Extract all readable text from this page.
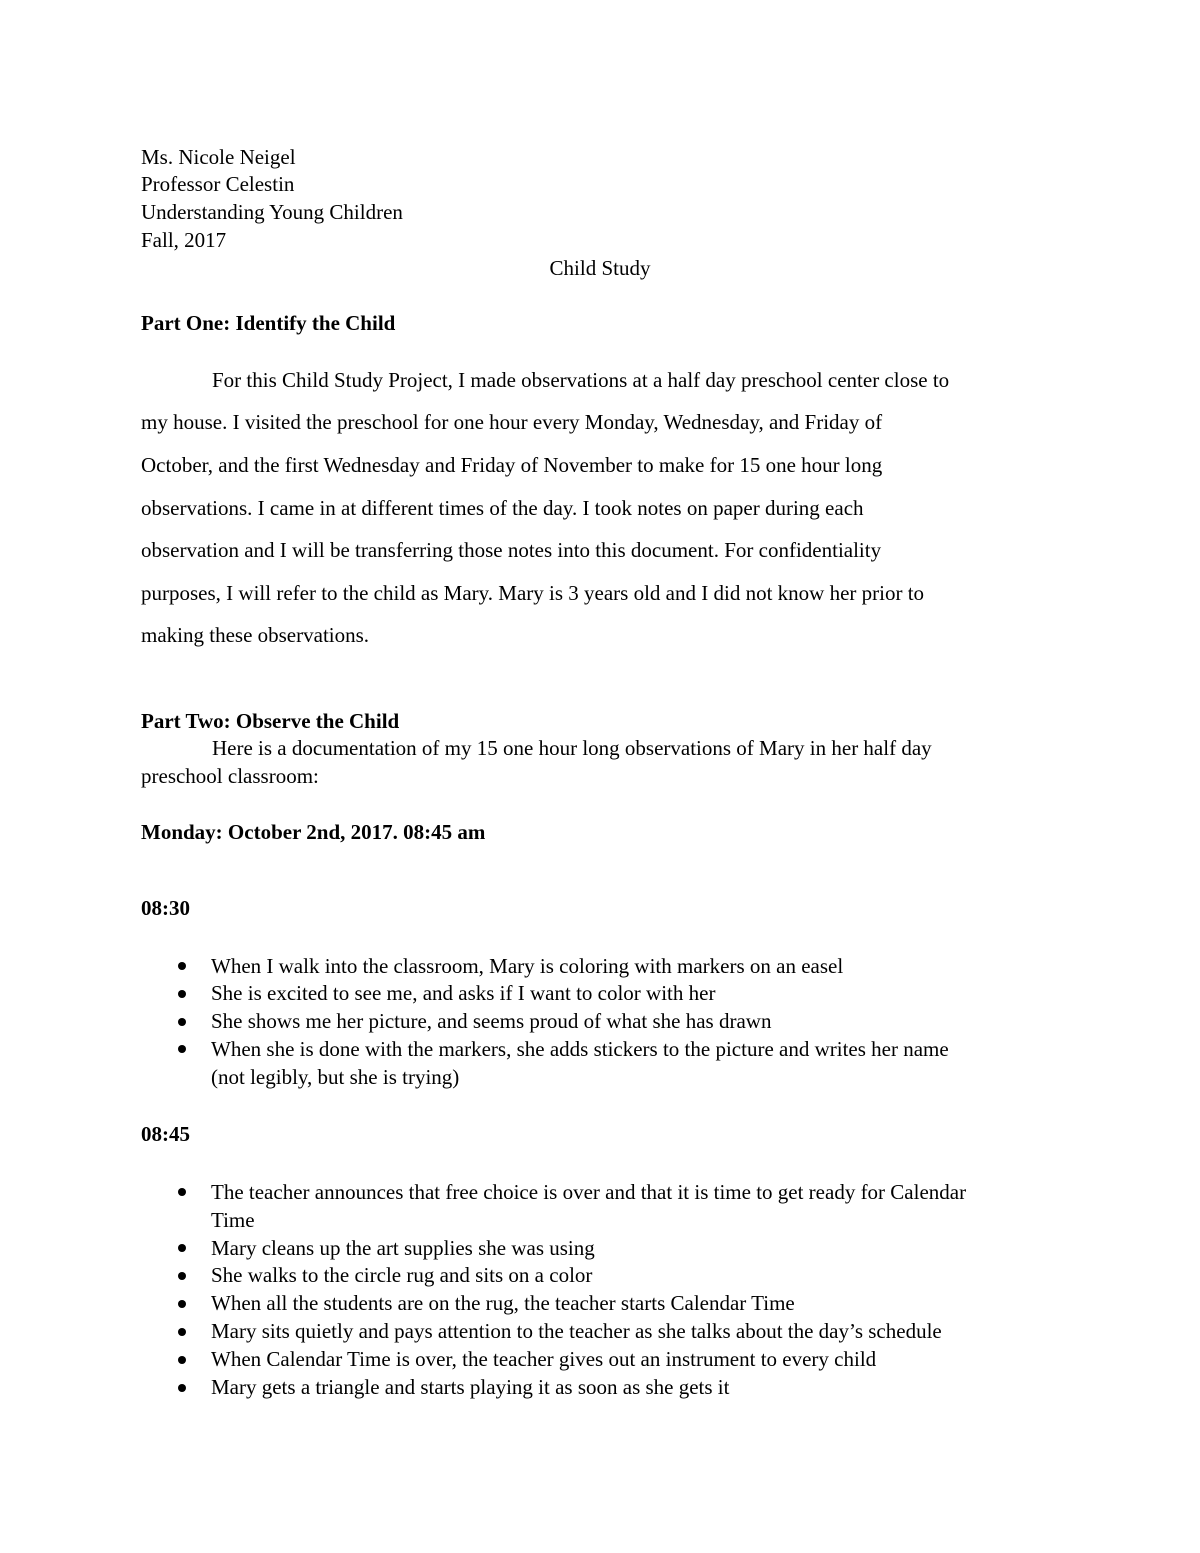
Ms. Nicole Neigel
Professor Celestin
Understanding Young Children
Fall, 2017
Child Study
Part One: Identify the Child
For this Child Study Project, I made observations at a half day preschool center close to
my house. I visited the preschool for one hour every Monday, Wednesday, and Friday of
October, and the first Wednesday and Friday of November to make for 15 one hour long
observations. I came in at different times of the day. I took notes on paper during each
observation and I will be transferring those notes into this document. For confidentiality
purposes, I will refer to the child as Mary. Mary is 3 years old and I did not know her prior to
making these observations.
Part Two: Observe the Child
Here is a documentation of my 15 one hour long observations of Mary in her half day
preschool classroom:
Monday: October 2nd, 2017. 08:45 am
08:30
When I walk into the classroom, Mary is coloring with markers on an easel
She is excited to see me, and asks if I want to color with her
She shows me her picture, and seems proud of what she has drawn
When she is done with the markers, she adds stickers to the picture and writes her name
(not legibly, but she is trying)
08:45
The teacher announces that free choice is over and that it is time to get ready for Calendar
Time
Mary cleans up the art supplies she was using
She walks to the circle rug and sits on a color
When all the students are on the rug, the teacher starts Calendar Time
Mary sits quietly and pays attention to the teacher as she talks about the day’s schedule
When Calendar Time is over, the teacher gives out an instrument to every child
Mary gets a triangle and starts playing it as soon as she gets it
